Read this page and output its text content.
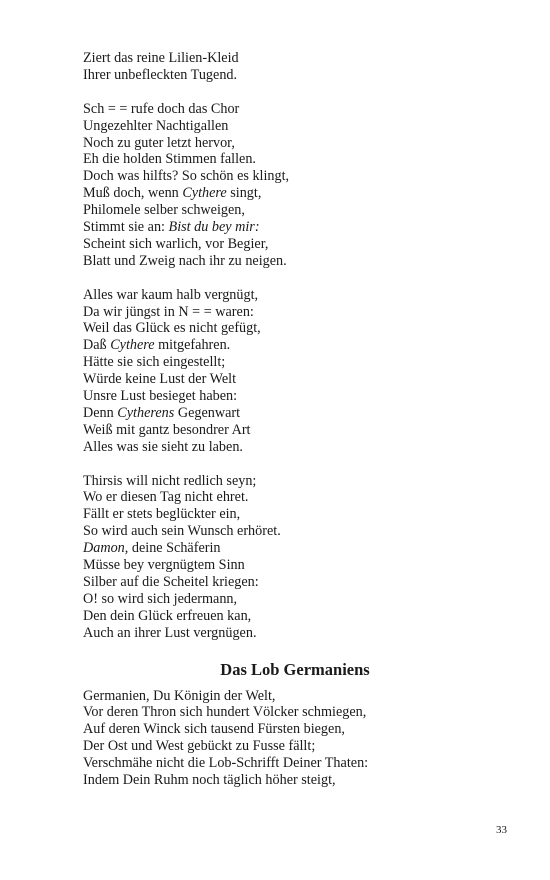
Ziert das reine Lilien-Kleid
Ihrer unbefleckten Tugend.
Sch = = rufe doch das Chor
Ungezehlter Nachtigallen
Noch zu guter letzt hervor,
Eh die holden Stimmen fallen.
Doch was hilfts? So schön es klingt,
Muß doch, wenn Cythere singt,
Philomele selber schweigen,
Stimmt sie an: Bist du bey mir:
Scheint sich warlich, vor Begier,
Blatt und Zweig nach ihr zu neigen.
Alles war kaum halb vergnügt,
Da wir jüngst in N = = waren:
Weil das Glück es nicht gefügt,
Daß Cythere mitgefahren.
Hätte sie sich eingestellt;
Würde keine Lust der Welt
Unsre Lust besieget haben:
Denn Cytherens Gegenwart
Weiß mit gantz besondrer Art
Alles was sie sieht zu laben.
Thirsis will nicht redlich seyn;
Wo er diesen Tag nicht ehret.
Fällt er stets beglückter ein,
So wird auch sein Wunsch erhöret.
Damon, deine Schäferin
Müsse bey vergnügtem Sinn
Silber auf die Scheitel kriegen:
O! so wird sich jedermann,
Den dein Glück erfreuen kan,
Auch an ihrer Lust vergnügen.
Das Lob Germaniens
Germanien, Du Königin der Welt,
Vor deren Thron sich hundert Völcker schmiegen,
Auf deren Winck sich tausend Fürsten biegen,
Der Ost und West gebückt zu Fusse fällt;
Verschmähe nicht die Lob-Schrifft Deiner Thaten:
Indem Dein Ruhm noch täglich höher steigt,
33
